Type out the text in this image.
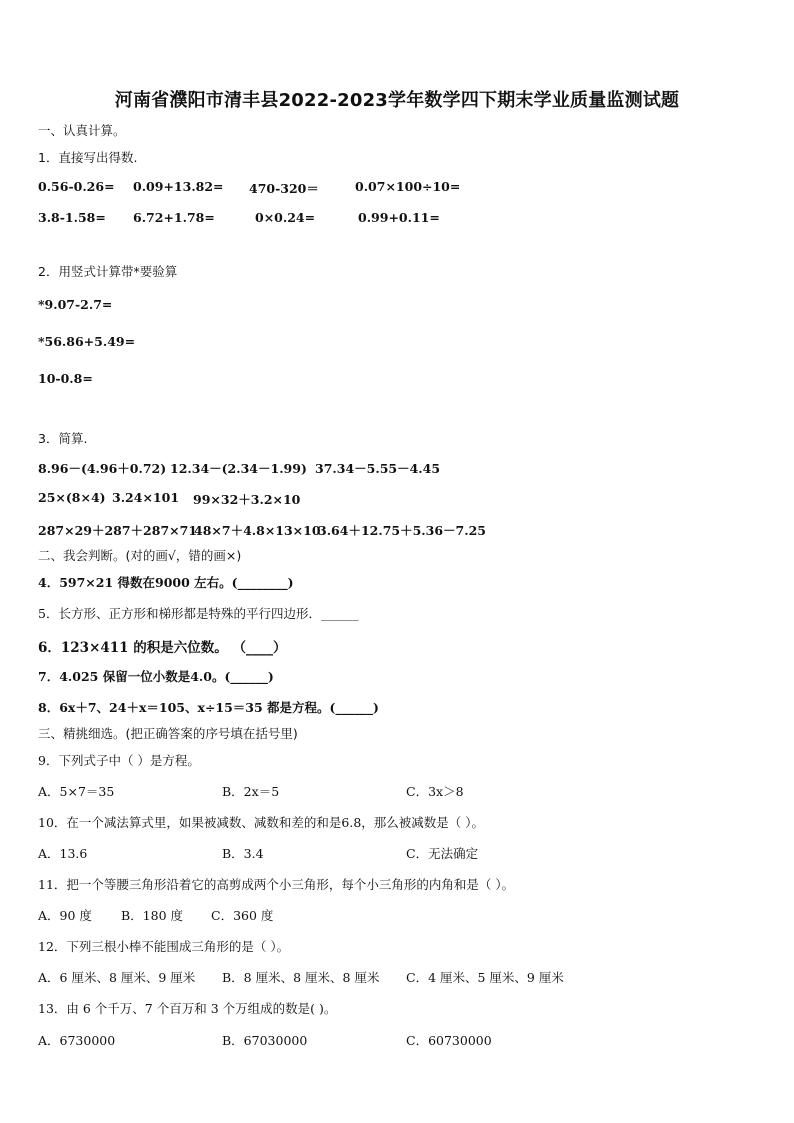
河南省濮阳市清丰县2022-2023学年数学四下期末学业质量监测试题
一、认真计算。
1．直接写出得数.
0.56-0.26= 0.09+13.82= 470-320＝	0.07×100÷10=
3.8-1.58= 6.72+1.78=	0×0.24=	0.99+0.11=
2．用竖式计算带*要验算
*9.07-2.7=
*56.86+5.49=
10-0.8=
3．简算.
8.96－(4.96＋0.72) 12.34－(2.34－1.99) 37.34－5.55－4.45
25×(8×4) 3.24×101 99×32＋3.2×10
287×29＋287＋287×71
48×7＋4.8×13×10
3.64＋12.75＋5.36－7.25
二、我会判断。(对的画√，错的画×)
4．597×21 得数在9000 左右。(________)
5．长方形、正方形和梯形都是特殊的平行四边形．______
6．123×411 的积是六位数。 （____）
7．4.025 保留一位小数是4.0。(______)
8．6x＋7、24＋x＝105、x÷15＝35 都是方程。(______)
三、精挑细选。(把正确答案的序号填在括号里)
9．下列式子中（ ）是方程。
A．5×7＝35	B．2x＝5	C．3x＞8
10．在一个减法算式里，如果被减数、减数和差的和是6.8，那么被减数是（ ）。
A．13.6	B．3.4	C．无法确定
11．把一个等腰三角形沿着它的高剪成两个小三角形，每个小三角形的内角和是（ ）。
A．90 度 B．180 度 C．360 度
12．下列三根小棒不能围成三角形的是（ ）。
A．6 厘米、8 厘米、9 厘米 B．8 厘米、8 厘米、8 厘米 C．4 厘米、5 厘米、9 厘米
13．由 6 个千万、7 个百万和 3 个万组成的数是( )。
A．6730000	B．67030000	C．60730000
